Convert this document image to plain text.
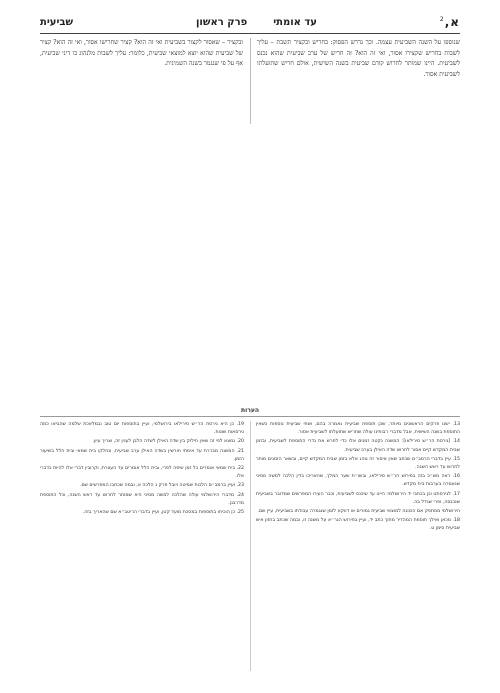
א,$^2$
עד אומתיפרק ראשון
שביעית

שנוספו על השנה השביעית עצמה. וכך נדרש הפסוק: בחריש ובקציר תשבת – עליך לשבות בחריש שקצירו אסור, ואי זה הוא? זה חריש של ערב שביעית שהוא נכנס לשביעית. היינו שמותר לחרוש קודם שביעית בשנה השישית, אולם חריש שתועלתו לשביעית אסור.

ובקציר – שאסור לקצור בשביעית ואי זה הוא? קציר שחרישו אסור, ואי זה הוא? קציר של שביעית שהוא יוצא למוצאי שביעית, כלומר: עליך לשבות מלנהוג בו דיני שביעית, אף על פי שנגמר בשנה השמינית.

הערות

13. ישנו פרקים הראשונים מיותר, שכן תוספת שביעית נאמרה בהם, ושתי שביעית נוספות כשאין התוספת בשנה השישית, אבל מדברי רבותינו עולה שחריש שתועלתו לשביעית אסור.

14. [גירסת הר״ש סירילאו]: המשנה נקטה זמנים אלו כדי לפרש את גדרי התוספת לשביעית, ובזמן שבית המקדש קיים אסור לחרוש שדה האילן בערב שביעית.

15. עיין בדברי הרמב״ם שכתב שאין איסור זה נוהג אלא בזמן שבית המקדש קיים, ובשאר הזמנים מותר לחרוש עד ראש השנה.

16. ראה מש״כ בזה בפירוש הר״ש סירילאו, ובשו״ת שער המלך, שהאריכו בדין הלכה למשה מסיני שנאמרה בערבות בית מקדש.

17. לגירסתנו וכן בכתבי יד הירושלמי: היינו עד שיכנס לשביעית, וכבר העירו המפרשים שמדובר בשביעית שנכנסה, ופרי שגדל בה.

הירושלמי מסתפק אם הכוונה למוצאי שביעית גמורים או דווקא לזמן שנגמרה עבודתו בשביעית, עיין שם.

18. מכאן ואילך תוספת המהדיר מתוך כתב יד, ועיין בפירוש הגר״א על משנה זו, ובמה שכתב בחזון איש שביעית סימן ט.

19. כן היא גירסת הר״ש סירילאו בירושלמי, ועיין בתוספות יום טוב ובמלאכת שלמה שהביאו כמה גירסאות שונות.

20. נמצא לפי זה שאין חילוק בין שדה האילן לשדה הלבן לענין זה, וצריך עיון.

21. המשנה מבררת עד אימתי חורשין בשדה האילן ערב שביעית, ונחלקו בית שמאי ובית הלל בשיעור הזמן.

22. בית שמאי אומרים כל זמן שיפה לפרי, ובית הלל אומרים עד העצרת, וקרובין דברי אלו להיות כדברי אלו.

23. ועיין ברמב״ם הלכות שמיטה ויובל פרק ג הלכה א, ובמה שכתבו המפרשים שם.

24. מדברי הירושלמי עולה שהלכה למשה מסיני היא שמותר לחרוש עד ראש השנה, וכל התוספת מדרבנן.

25. כן הוכיחו בתוספות במסכת מועד קטן, ועיין בדברי הריטב״א שם שהאריך בזה.
